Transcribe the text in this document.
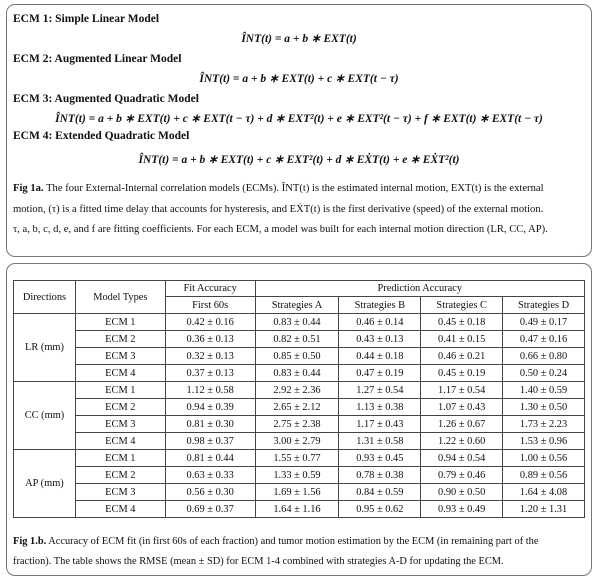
ECM 1: Simple Linear Model
ÎNT(t) = a + b ∗ EXT(t)
ECM 2: Augmented Linear Model
ÎNT(t) = a + b ∗ EXT(t) + c ∗ EXT(t − τ)
ECM 3: Augmented Quadratic Model
ÎNT(t) = a + b ∗ EXT(t) + c ∗ EXT(t − τ) + d ∗ EXT²(t) + e ∗ EXT²(t − τ) + f ∗ EXT(t) ∗ EXT(t − τ)
ECM 4: Extended Quadratic Model
ÎNT(t) = a + b ∗ EXT(t) + c ∗ EXT²(t) + d ∗ EẊT(t) + e ∗ EẊT²(t)
Fig 1a. The four External-Internal correlation models (ECMs). ÎNT(t) is the estimated internal motion, EXT(t) is the external
motion, (τ) is a fitted time delay that accounts for hysteresis, and EẊT(t) is the first derivative (speed) of the external motion.
τ, a, b, c, d, e, and f are fitting coefficients. For each ECM, a model was built for each internal motion direction (LR, CC, AP).
Directions	Model Types	Fit Accuracy	Prediction Accuracy			
		First 60s	Strategies A	Strategies B	Strategies C	Strategies D
LR (mm)	ECM 1	0.42 ± 0.16	0.83 ± 0.44	0.46 ± 0.14	0.45 ± 0.18	0.49 ± 0.17
	ECM 2	0.36 ± 0.13	0.82 ± 0.51	0.43 ± 0.13	0.41 ± 0.15	0.47 ± 0.16
	ECM 3	0.32 ± 0.13	0.85 ± 0.50	0.44 ± 0.18	0.46 ± 0.21	0.66 ± 0.80
	ECM 4	0.37 ± 0.13	0.83 ± 0.44	0.47 ± 0.19	0.45 ± 0.19	0.50 ± 0.24
CC (mm)	ECM 1	1.12 ± 0.58	2.92 ± 2.36	1.27 ± 0.54	1.17 ± 0.54	1.40 ± 0.59
	ECM 2	0.94 ± 0.39	2.65 ± 2.12	1.13 ± 0.38	1.07 ± 0.43	1.30 ± 0.50
	ECM 3	0.81 ± 0.30	2.75 ± 2.38	1.17 ± 0.43	1.26 ± 0.67	1.73 ± 2.23
	ECM 4	0.98 ± 0.37	3.00 ± 2.79	1.31 ± 0.58	1.22 ± 0.60	1.53 ± 0.96
AP (mm)	ECM 1	0.81 ± 0.44	1.55 ± 0.77	0.93 ± 0.45	0.94 ± 0.54	1.00 ± 0.56
	ECM 2	0.63 ± 0.33	1.33 ± 0.59	0.78 ± 0.38	0.79 ± 0.46	0.89 ± 0.56
	ECM 3	0.56 ± 0.30	1.69 ± 1.56	0.84 ± 0.59	0.90 ± 0.50	1.64 ± 4.08
	ECM 4	0.69 ± 0.37	1.64 ± 1.16	0.95 ± 0.62	0.93 ± 0.49	1.20 ± 1.31
Fig 1.b. Accuracy of ECM fit (in first 60s of each fraction) and tumor motion estimation by the ECM (in remaining part of the
fraction). The table shows the RMSE (mean ± SD) for ECM 1-4 combined with strategies A-D for updating the ECM.
